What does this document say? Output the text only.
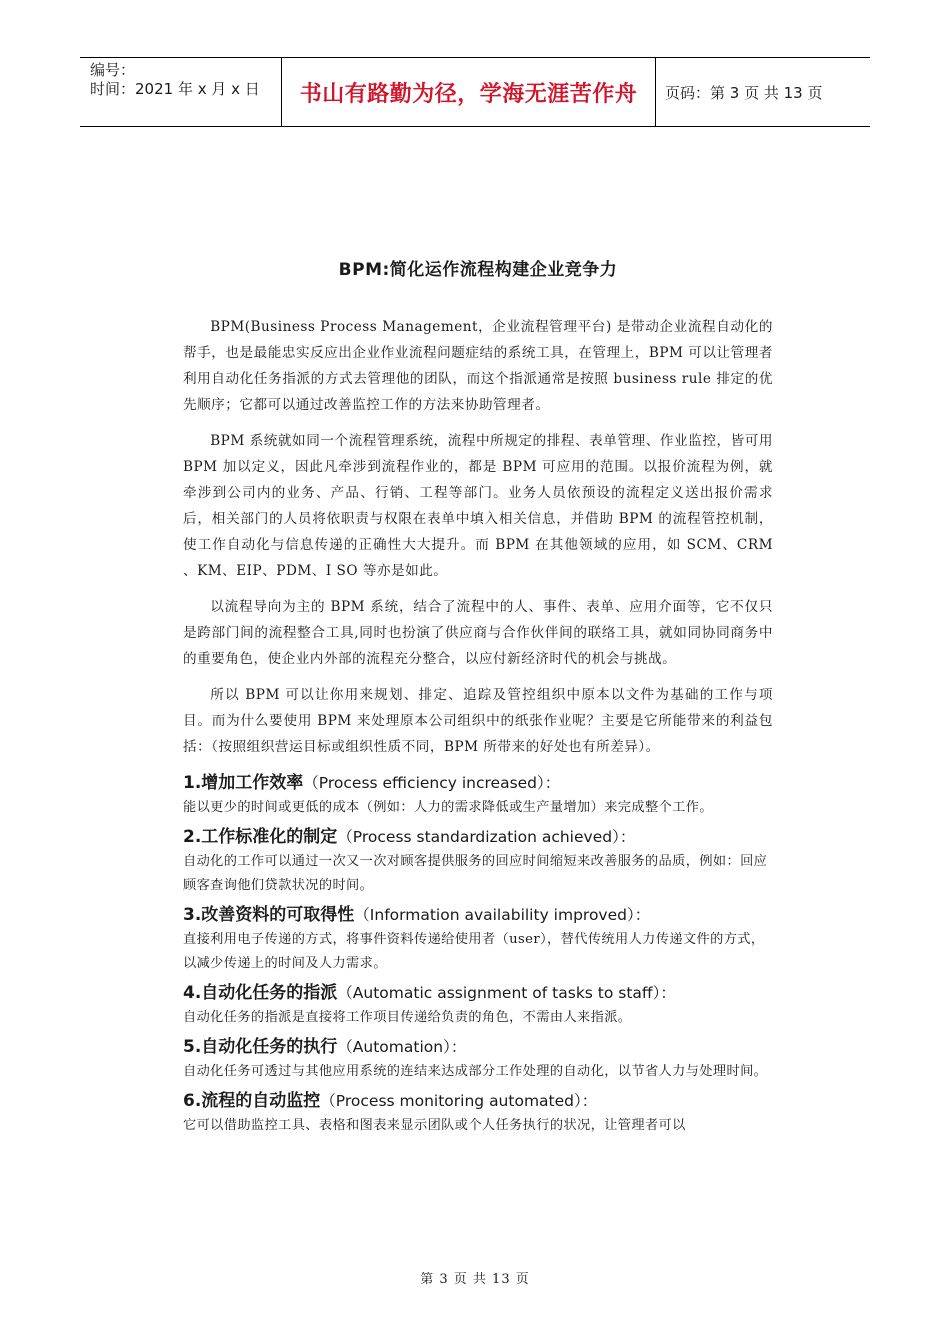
编号：
时间：2021 年 x 月 x 日	书山有路勤为径，学海无涯苦作舟 页码：第 3 页 共 13 页
BPM:简化运作流程构建企业竞争力

BPM(Business Process Management，企业流程管理平台) 是带动企业流程自动化的帮手，也是最能忠实反应出企业作业流程问题症结的系统工具，在管理上，BPM 可以让管理者利用自动化任务指派的方式去管理他的团队，而这个指派通常是按照 business rule 排定的优先顺序；它都可以通过改善监控工作的方法来协助管理者。

BPM 系统就如同一个流程管理系统，流程中所规定的排程、表单管理、作业监控，皆可用 BPM 加以定义，因此凡牵涉到流程作业的，都是 BPM 可应用的范围。以报价流程为例，就牵涉到公司内的业务、产品、行销、工程等部门。业务人员依预设的流程定义送出报价需求后，相关部门的人员将依职责与权限在表单中填入相关信息，并借助 BPM 的流程管控机制，使工作自动化与信息传递的正确性大大提升。而 BPM 在其他领域的应用，如 SCM、CRM 、KM、EIP、PDM、I SO 等亦是如此。

以流程导向为主的 BPM 系统，结合了流程中的人、事件、表单、应用介面等，它不仅只是跨部门间的流程整合工具,同时也扮演了供应商与合作伙伴间的联络工具，就如同协同商务中的重要角色，使企业内外部的流程充分整合，以应付新经济时代的机会与挑战。

所以 BPM 可以让你用来规划、排定、追踪及管控组织中原本以文件为基础的工作与项目。而为什么要使用 BPM 来处理原本公司组织中的纸张作业呢？主要是它所能带来的利益包括：（按照组织营运目标或组织性质不同，BPM 所带来的好处也有所差异）。

1.增加工作效率（Process efficiency increased）：
能以更少的时间或更低的成本（例如：人力的需求降低或生产量增加）来完成整个工作。
2.工作标准化的制定（Process standardization achieved）：
自动化的工作可以通过一次又一次对顾客提供服务的回应时间缩短来改善服务的品质，例如：回应顾客查询他们贷款状况的时间。
3.改善资料的可取得性（Information availability improved）：
直接利用电子传递的方式，将事件资料传递给使用者（user），替代传统用人力传递文件的方式，以减少传递上的时间及人力需求。
4.自动化任务的指派（Automatic assignment of tasks to staff）：
自动化任务的指派是直接将工作项目传递给负责的角色，不需由人来指派。
5.自动化任务的执行（Automation）：
自动化任务可透过与其他应用系统的连结来达成部分工作处理的自动化，以节省人力与处理时间。
6.流程的自动监控（Process monitoring automated）：
它可以借助监控工具、表格和图表来显示团队或个人任务执行的状况，让管理者可以
第 3 页 共 13 页
